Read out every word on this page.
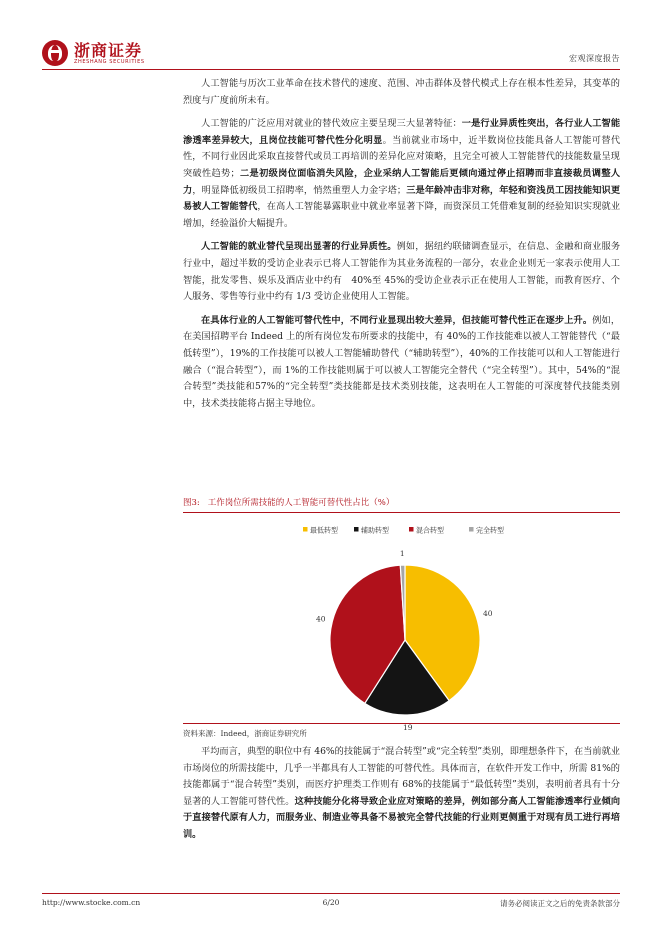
浙商证券
ZHESHANG SECURITIES	宏观深度报告

人工智能与历次工业革命在技术替代的速度、范围、冲击群体及替代模式上存在根本性差异，其变革的烈度与广度前所未有。

人工智能的广泛应用对就业的替代效应主要呈现三大显著特征：一是行业异质性突出，各行业人工智能渗透率差异较大，且岗位技能可替代性分化明显。当前就业市场中，近半数岗位技能具备人工智能可替代性，不同行业因此采取直接替代或员工再培训的差异化应对策略，且完全可被人工智能替代的技能数量呈现突破性趋势；二是初级岗位面临消失风险，企业采纳人工智能后更倾向通过停止招聘而非直接裁员调整人力，明显降低初级员工招聘率，悄然重塑人力金字塔；三是年龄冲击非对称，年轻和资浅员工因技能知识更易被人工智能替代，在高人工智能暴露职业中就业率显著下降，而资深员工凭借难复制的经验知识实现就业增加，经验溢价大幅提升。

人工智能的就业替代呈现出显著的行业异质性。例如，据纽约联储调查显示，在信息、金融和商业服务行业中，超过半数的受访企业表示已将人工智能作为其业务流程的一部分，农业企业则无一家表示使用人工智能，批发零售、娱乐及酒店业中约有　40%至 45%的受访企业表示正在使用人工智能，而教育医疗、个人服务、零售等行业中约有 1/3 受访企业使用人工智能。

在具体行业的人工智能可替代性中，不同行业显现出较大差异，但技能可替代性正在逐步上升。例如，在美国招聘平台 Indeed 上的所有岗位发布所要求的技能中，有 40%的工作技能难以被人工智能替代（“最低转型”），19%的工作技能可以被人工智能辅助替代（“辅助转型”），40%的工作技能可以和人工智能进行融合（“混合转型”），而 1%的工作技能则属于可以被人工智能完全替代（“完全转型”）。其中，54%的“混合转型”类技能和57%的“完全转型”类技能都是技术类别技能，这表明在人工智能的可深度替代技能类别中，技术类技能将占据主导地位。

图3: 工作岗位所需技能的人工智能可替代性占比（%）
最低转型	辅助转型	混合转型	完全转型
40
19
40
1
资料来源：Indeed，浙商证券研究所

平均而言，典型的职位中有 46%的技能属于“混合转型”或“完全转型”类别，即理想条件下，在当前就业市场岗位的所需技能中，几乎一半都具有人工智能的可替代性。具体而言，在软件开发工作中，所需 81%的技能都属于“混合转型”类别，而医疗护理类工作则有 68%的技能属于“最低转型”类别，表明前者具有十分显著的人工智能可替代性。这种技能分化将导致企业应对策略的差异，例如部分高人工智能渗透率行业倾向于直接替代原有人力，而服务业、制造业等具备不易被完全替代技能的行业则更侧重于对现有员工进行再培训。

http://www.stocke.com.cn	6/20	请务必阅读正文之后的免责条款部分
